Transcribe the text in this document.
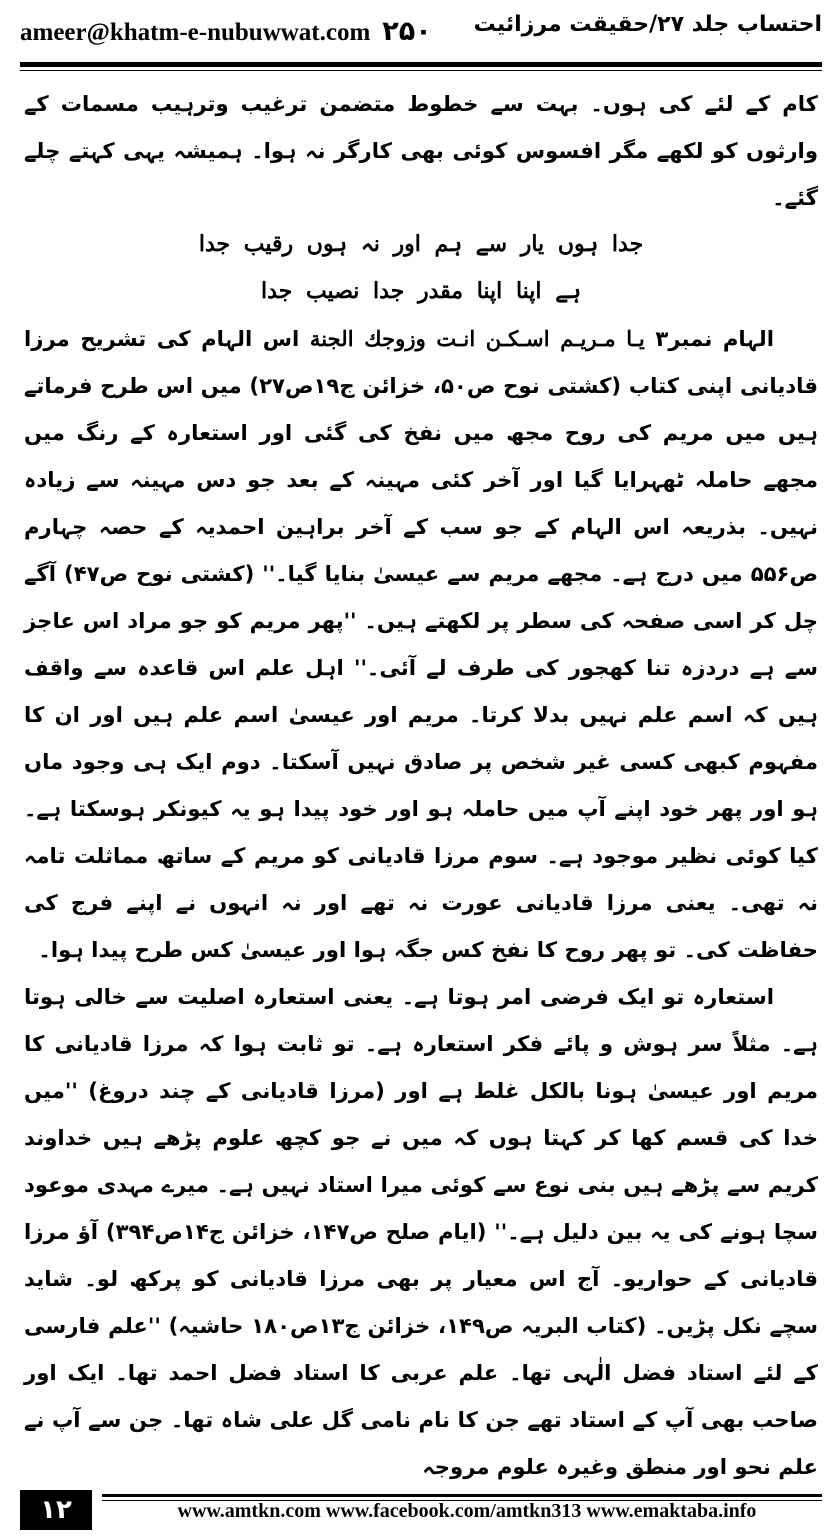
ameer@khatm-e-nubuwwat.com ۲۵۰ احتساب جلد ۲۷/حقیقت مرزائیت

کام کے لئے کی ہوں۔ بہت سے خطوط متضمن ترغیب وترہیب مسمات کے وارثوں کو لکھے مگر افسوس کوئی بھی کارگر نہ ہوا۔ ہمیشہ یہی کہتے چلے گئے۔

جدا ہوں یار سے ہم اور نہ ہوں رقیب جدا

ہے اپنا اپنا مقدر جدا نصیب جدا

الہام نمبر۳ یـا مـریـم اسـکـن انـت وزوجك الجنة اس الہام کی تشریح مرزا قادیانی اپنی کتاب (کشتی نوح ص۵۰، خزائن ج۱۹ص۲۷) میں اس طرح فرماتے ہیں میں مریم کی روح مجھ میں نفخ کی گئی اور استعارہ کے رنگ میں مجھے حاملہ ٹھہرایا گیا اور آخر کئی مہینہ کے بعد جو دس مہینہ سے زیادہ نہیں۔ بذریعہ اس الہام کے جو سب کے آخر براہین احمدیہ کے حصہ چہارم ص۵۵۶ میں درج ہے۔ مجھے مریم سے عیسیٰ بنایا گیا۔'' (کشتی نوح ص۴۷) آگے چل کر اسی صفحہ کی سطر پر لکھتے ہیں۔ ''پھر مریم کو جو مراد اس عاجز سے ہے دردزہ تنا کھجور کی طرف لے آئی۔'' اہل علم اس قاعدہ سے واقف ہیں کہ اسم علم نہیں بدلا کرتا۔ مریم اور عیسیٰ اسم علم ہیں اور ان کا مفہوم کبھی کسی غیر شخص پر صادق نہیں آسکتا۔ دوم ایک ہی وجود ماں ہو اور پھر خود اپنے آپ میں حاملہ ہو اور خود پیدا ہو یہ کیونکر ہوسکتا ہے۔ کیا کوئی نظیر موجود ہے۔ سوم مرزا قادیانی کو مریم کے ساتھ مماثلت تامہ نہ تھی۔ یعنی مرزا قادیانی عورت نہ تھے اور نہ انہوں نے اپنے فرج کی حفاظت کی۔ تو پھر روح کا نفخ کس جگہ ہوا اور عیسیٰ کس طرح پیدا ہوا۔

استعارہ تو ایک فرضی امر ہوتا ہے۔ یعنی استعارہ اصلیت سے خالی ہوتا ہے۔ مثلاً سر ہوش و پائے فکر استعارہ ہے۔ تو ثابت ہوا کہ مرزا قادیانی کا مریم اور عیسیٰ ہونا بالکل غلط ہے اور (مرزا قادیانی کے چند دروغ) ''میں خدا کی قسم کھا کر کہتا ہوں کہ میں نے جو کچھ علوم پڑھے ہیں خداوند کریم سے پڑھے ہیں بنی نوع سے کوئی میرا استاد نہیں ہے۔ میرے مہدی موعود سچا ہونے کی یہ بین دلیل ہے۔'' (ایام صلح ص۱۴۷، خزائن ج۱۴ص۳۹۴) آؤ مرزا قادیانی کے حواریو۔ آج اس معیار پر بھی مرزا قادیانی کو پرکھ لو۔ شاید سچے نکل پڑیں۔ (کتاب البریہ ص۱۴۹، خزائن ج۱۳ص۱۸۰ حاشیہ) ''علم فارسی کے لئے استاد فضل الٰہی تھا۔ علم عربی کا استاد فضل احمد تھا۔ ایک اور صاحب بھی آپ کے استاد تھے جن کا نام نامی گل علی شاہ تھا۔ جن سے آپ نے علم نحو اور منطق وغیرہ علوم مروجہ

۱۲	www.amtkn.com www.facebook.com/amtkn313 www.emaktaba.info
